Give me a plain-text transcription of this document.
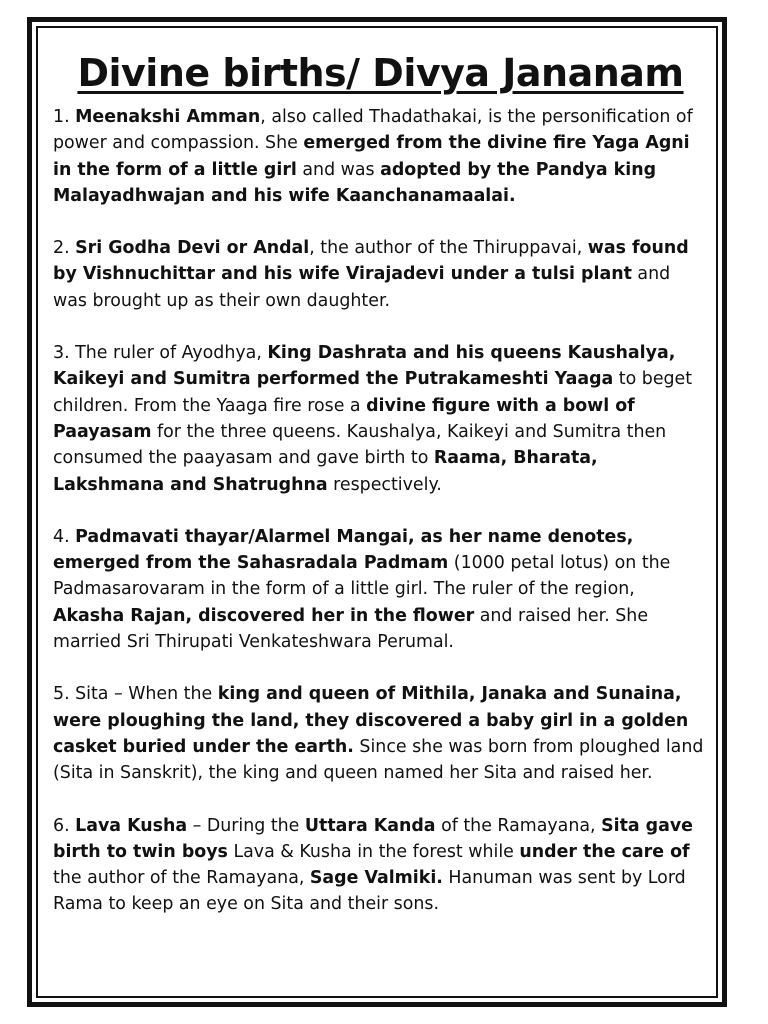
Divine births/ Divya Jananam

1. Meenakshi Amman, also called Thadathakai, is the personification of power and compassion. She emerged from the divine fire Yaga Agni in the form of a little girl and was adopted by the Pandya king Malayadhwajan and his wife Kaanchanamaalai.

2. Sri Godha Devi or Andal, the author of the Thiruppavai, was found by Vishnuchittar and his wife Virajadevi under a tulsi plant and was brought up as their own daughter.

3. The ruler of Ayodhya, King Dashrata and his queens Kaushalya, Kaikeyi and Sumitra performed the Putrakameshti Yaaga to beget children. From the Yaaga fire rose a divine figure with a bowl of Paayasam for the three queens. Kaushalya, Kaikeyi and Sumitra then consumed the paayasam and gave birth to Raama, Bharata, Lakshmana and Shatrughna respectively.

4. Padmavati thayar/Alarmel Mangai, as her name denotes, emerged from the Sahasradala Padmam (1000 petal lotus) on the Padmasarovaram in the form of a little girl. The ruler of the region, Akasha Rajan, discovered her in the flower and raised her. She married Sri Thirupati Venkateshwara Perumal.

5. Sita – When the king and queen of Mithila, Janaka and Sunaina, were ploughing the land, they discovered a baby girl in a golden casket buried under the earth. Since she was born from ploughed land (Sita in Sanskrit), the king and queen named her Sita and raised her.

6. Lava Kusha – During the Uttara Kanda of the Ramayana, Sita gave birth to twin boys Lava & Kusha in the forest while under the care of the author of the Ramayana, Sage Valmiki. Hanuman was sent by Lord Rama to keep an eye on Sita and their sons.
